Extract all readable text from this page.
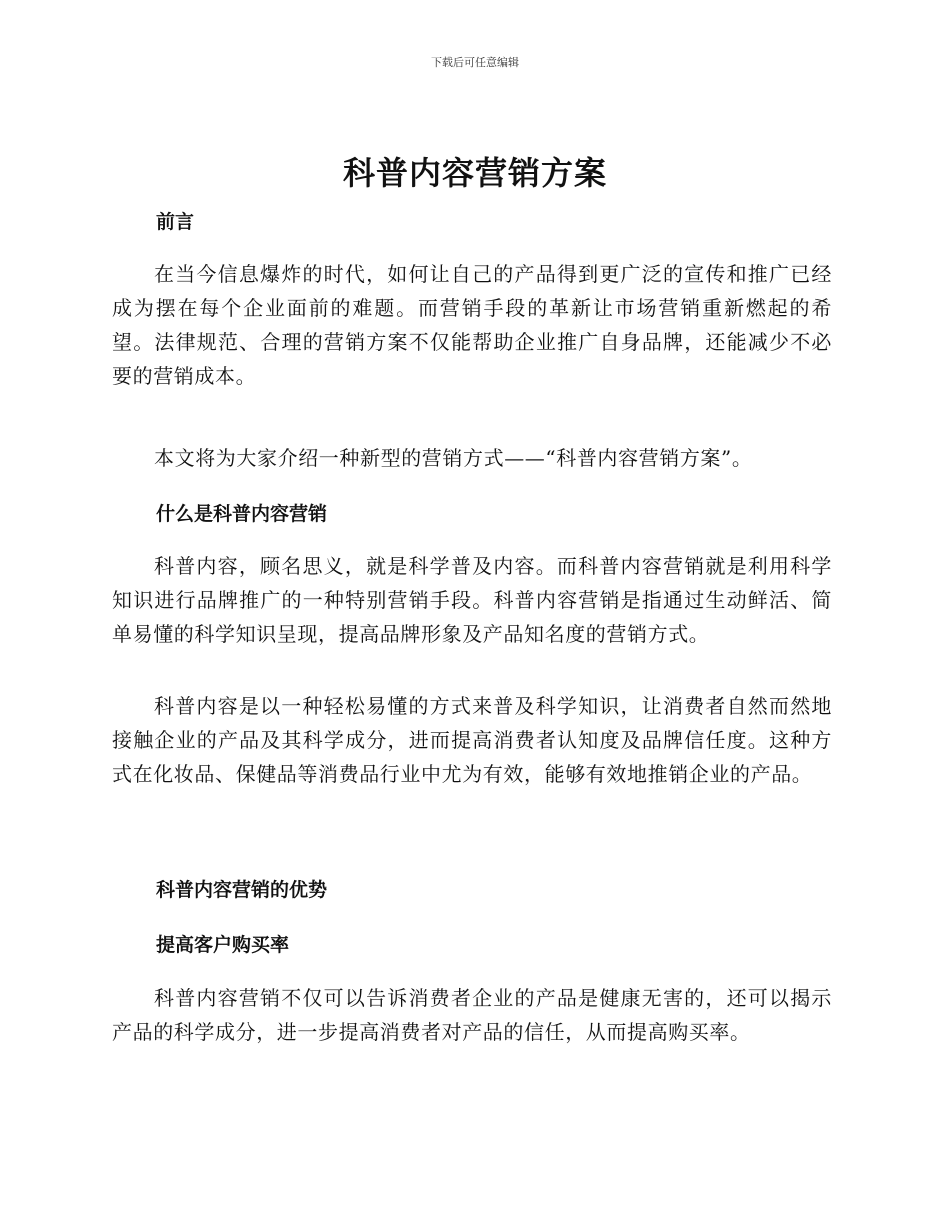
下载后可任意编辑
科普内容营销方案
前言

在当今信息爆炸的时代，如何让自己的产品得到更广泛的宣传和推广已经成为摆在每个企业面前的难题。而营销手段的革新让市场营销重新燃起的希望。法律规范、合理的营销方案不仅能帮助企业推广自身品牌，还能减少不必要的营销成本。

本文将为大家介绍一种新型的营销方式——“科普内容营销方案”。

什么是科普内容营销

科普内容，顾名思义，就是科学普及内容。而科普内容营销就是利用科学知识进行品牌推广的一种特别营销手段。科普内容营销是指通过生动鲜活、简单易懂的科学知识呈现，提高品牌形象及产品知名度的营销方式。

科普内容是以一种轻松易懂的方式来普及科学知识，让消费者自然而然地接触企业的产品及其科学成分，进而提高消费者认知度及品牌信任度。这种方式在化妆品、保健品等消费品行业中尤为有效，能够有效地推销企业的产品。

科普内容营销的优势
提高客户购买率

科普内容营销不仅可以告诉消费者企业的产品是健康无害的，还可以揭示产品的科学成分，进一步提高消费者对产品的信任，从而提高购买率。
